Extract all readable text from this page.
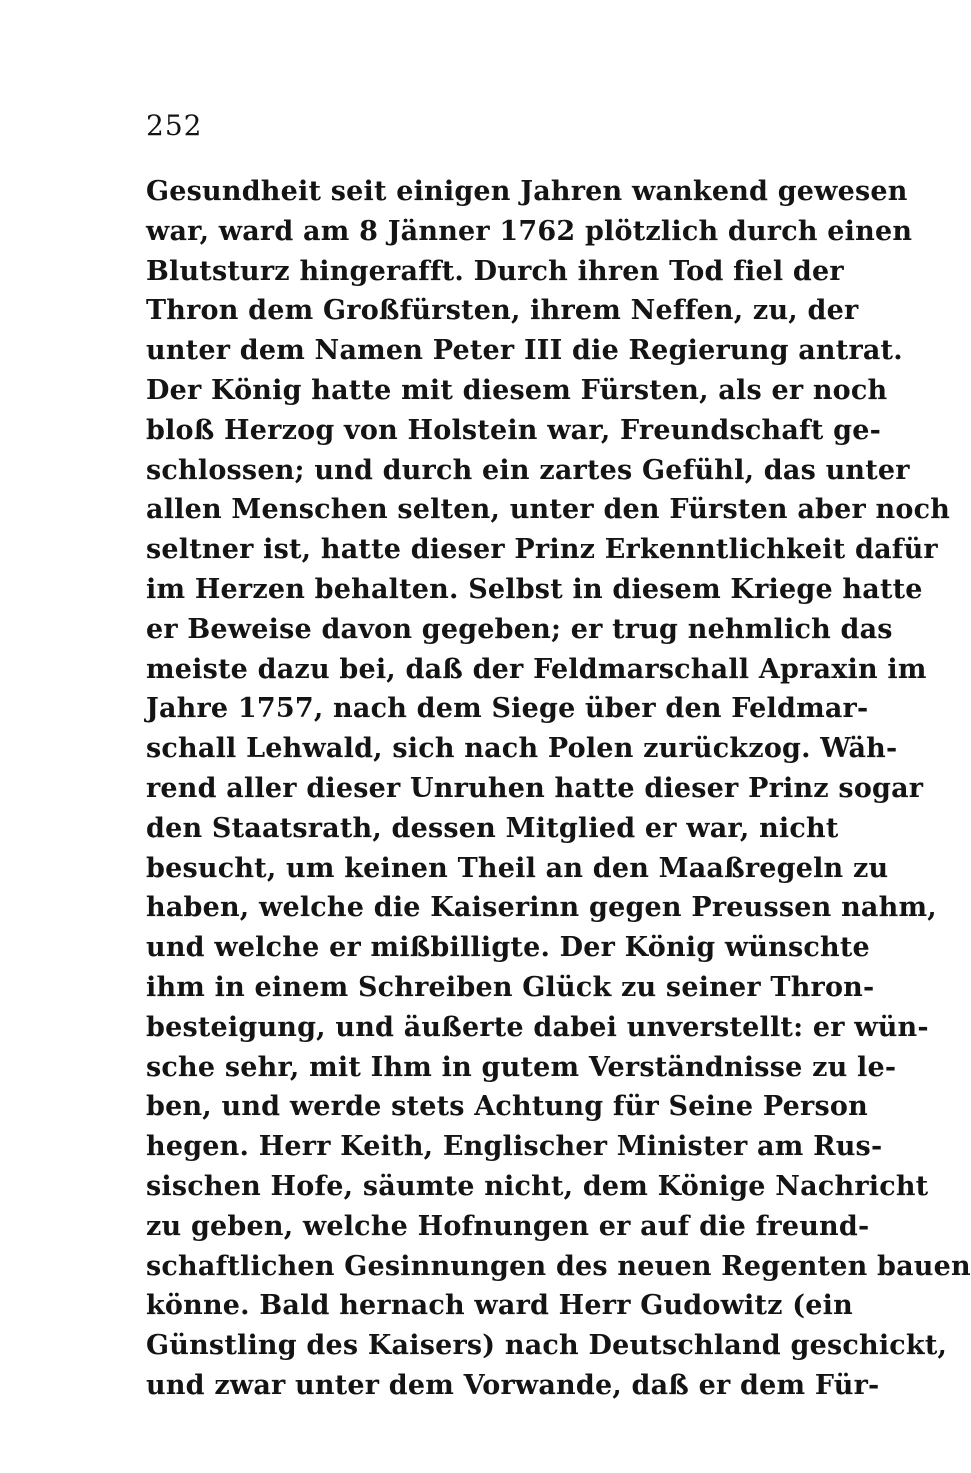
252
Gesundheit seit einigen Jahren wankend gewesen
war, ward am 8 Jänner 1762 plötzlich durch einen
Blutsturz hingerafft. Durch ihren Tod fiel der
Thron dem Großfürsten, ihrem Neffen, zu, der
unter dem Namen Peter III die Regierung antrat.
Der König hatte mit diesem Fürsten, als er noch
bloß Herzog von Holstein war, Freundschaft ge-
schlossen; und durch ein zartes Gefühl, das unter
allen Menschen selten, unter den Fürsten aber noch
seltner ist, hatte dieser Prinz Erkenntlichkeit dafür
im Herzen behalten. Selbst in diesem Kriege hatte
er Beweise davon gegeben; er trug nehmlich das
meiste dazu bei, daß der Feldmarschall Apraxin im
Jahre 1757, nach dem Siege über den Feldmar-
schall Lehwald, sich nach Polen zurückzog. Wäh-
rend aller dieser Unruhen hatte dieser Prinz sogar
den Staatsrath, dessen Mitglied er war, nicht
besucht, um keinen Theil an den Maaßregeln zu
haben, welche die Kaiserinn gegen Preussen nahm,
und welche er mißbilligte. Der König wünschte
ihm in einem Schreiben Glück zu seiner Thron-
besteigung, und äußerte dabei unverstellt: er wün-
sche sehr, mit Ihm in gutem Verständnisse zu le-
ben, und werde stets Achtung für Seine Person
hegen. Herr Keith, Englischer Minister am Rus-
sischen Hofe, säumte nicht, dem Könige Nachricht
zu geben, welche Hofnungen er auf die freund-
schaftlichen Gesinnungen des neuen Regenten bauen
könne. Bald hernach ward Herr Gudowitz (ein
Günstling des Kaisers) nach Deutschland geschickt,
und zwar unter dem Vorwande, daß er dem Für-
